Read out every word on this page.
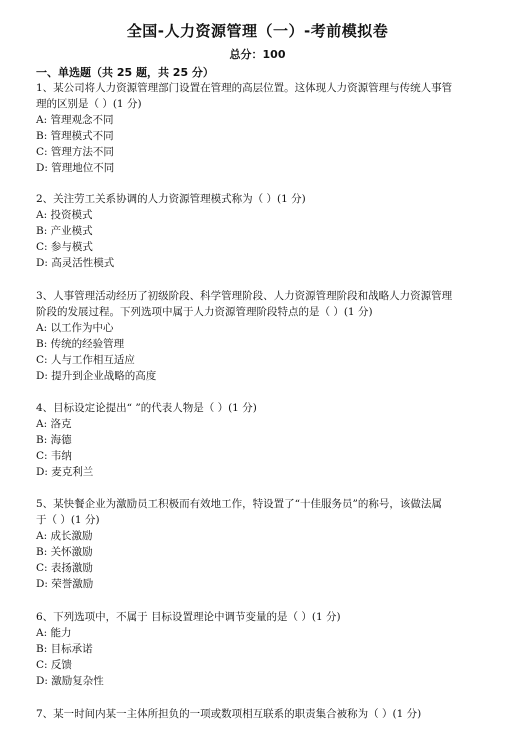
全国-人力资源管理（一）-考前模拟卷
总分：100
一、单选题（共 25 题，共 25 分）
1、某公司将人力资源管理部门设置在管理的高层位置。这体现人力资源管理与传统人事管
理的区别是（ ）(1 分)
A: 管理观念不同
B: 管理模式不同
C: 管理方法不同
D: 管理地位不同
2、关注劳工关系协调的人力资源管理模式称为（ ）(1 分)
A: 投资模式
B: 产业模式
C: 参与模式
D: 高灵活性模式
3、人事管理活动经历了初级阶段、科学管理阶段、人力资源管理阶段和战略人力资源管理
阶段的发展过程。下列选项中属于人力资源管理阶段特点的是（ ）(1 分)
A: 以工作为中心
B: 传统的经验管理
C: 人与工作相互适应
D: 提升到企业战略的高度
4、目标设定论提出“ ”的代表人物是（ ）(1 分)
A: 洛克
B: 海德
C: 韦纳
D: 麦克利兰
5、某快餐企业为激励员工积极而有效地工作，特设置了“十佳服务员”的称号，该做法属
于（ ）(1 分)
A: 成长激励
B: 关怀激励
C: 表扬激励
D: 荣誉激励
6、下列选项中，不属于 目标设置理论中调节变量的是（ ）(1 分)
A: 能力
B: 目标承诺
C: 反馈
D: 激励复杂性
7、某一时间内某一主体所担负的一项或数项相互联系的职责集合被称为（ ）(1 分)
